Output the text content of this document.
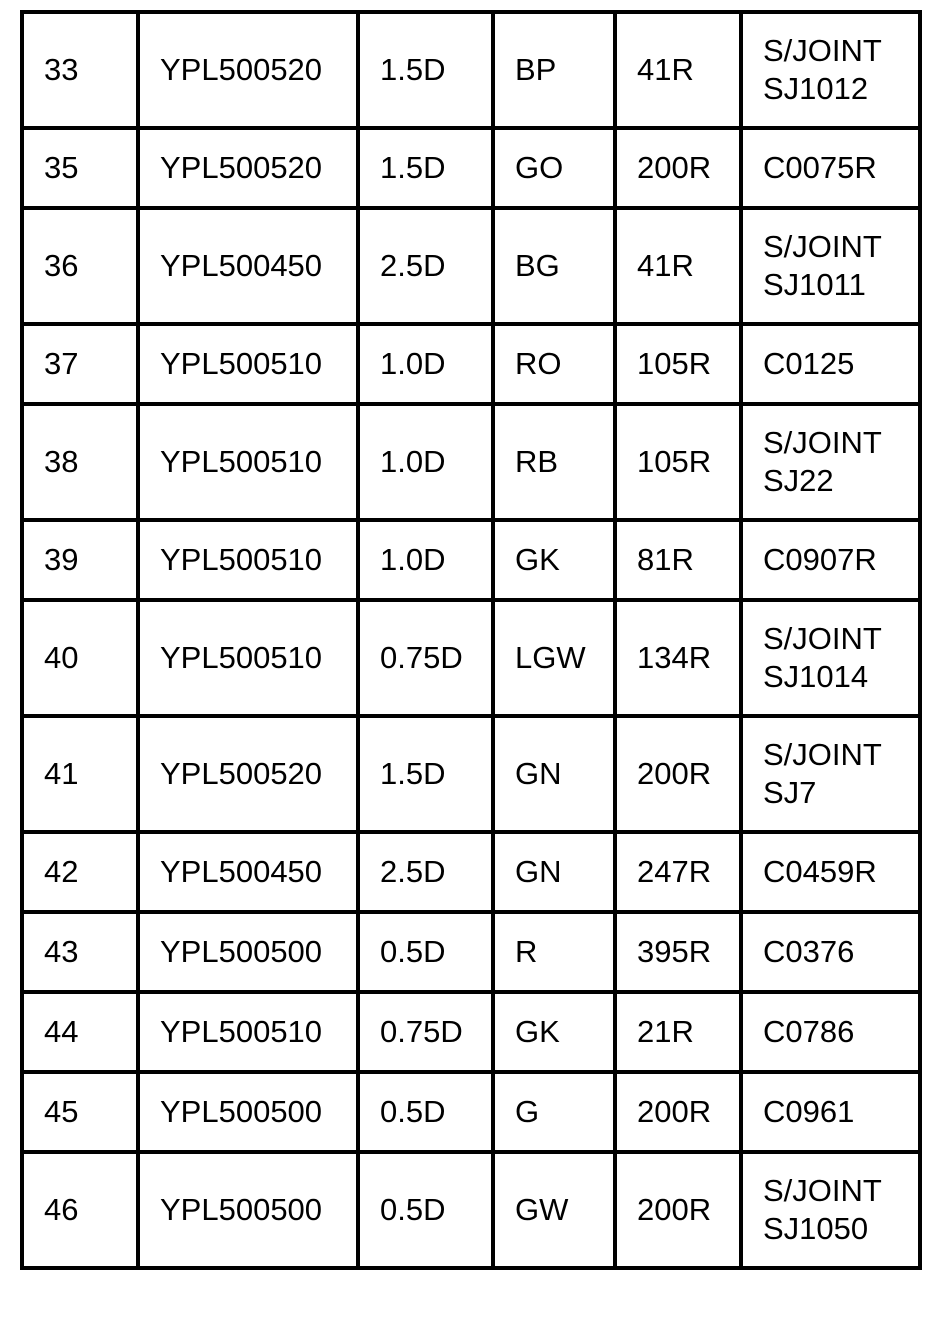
33	YPL500520	1.5D	BP	41R	S/JOINT
SJ1012

35	YPL500520	1.5D	GO	200R	C0075R

36	YPL500450	2.5D	BG	41R	S/JOINT
SJ1011

37	YPL500510	1.0D	RO	105R	C0125

38	YPL500510	1.0D	RB	105R	S/JOINT
SJ22

39	YPL500510	1.0D	GK	81R	C0907R

40	YPL500510	0.75D	LGW	134R	S/JOINT
SJ1014

41	YPL500520	1.5D	GN	200R	S/JOINT
SJ7

42	YPL500450	2.5D	GN	247R	C0459R

43	YPL500500	0.5D	R	395R	C0376

44	YPL500510	0.75D	GK	21R	C0786

45	YPL500500	0.5D	G	200R	C0961

46	YPL500500	0.5D	GW	200R	S/JOINT
SJ1050
